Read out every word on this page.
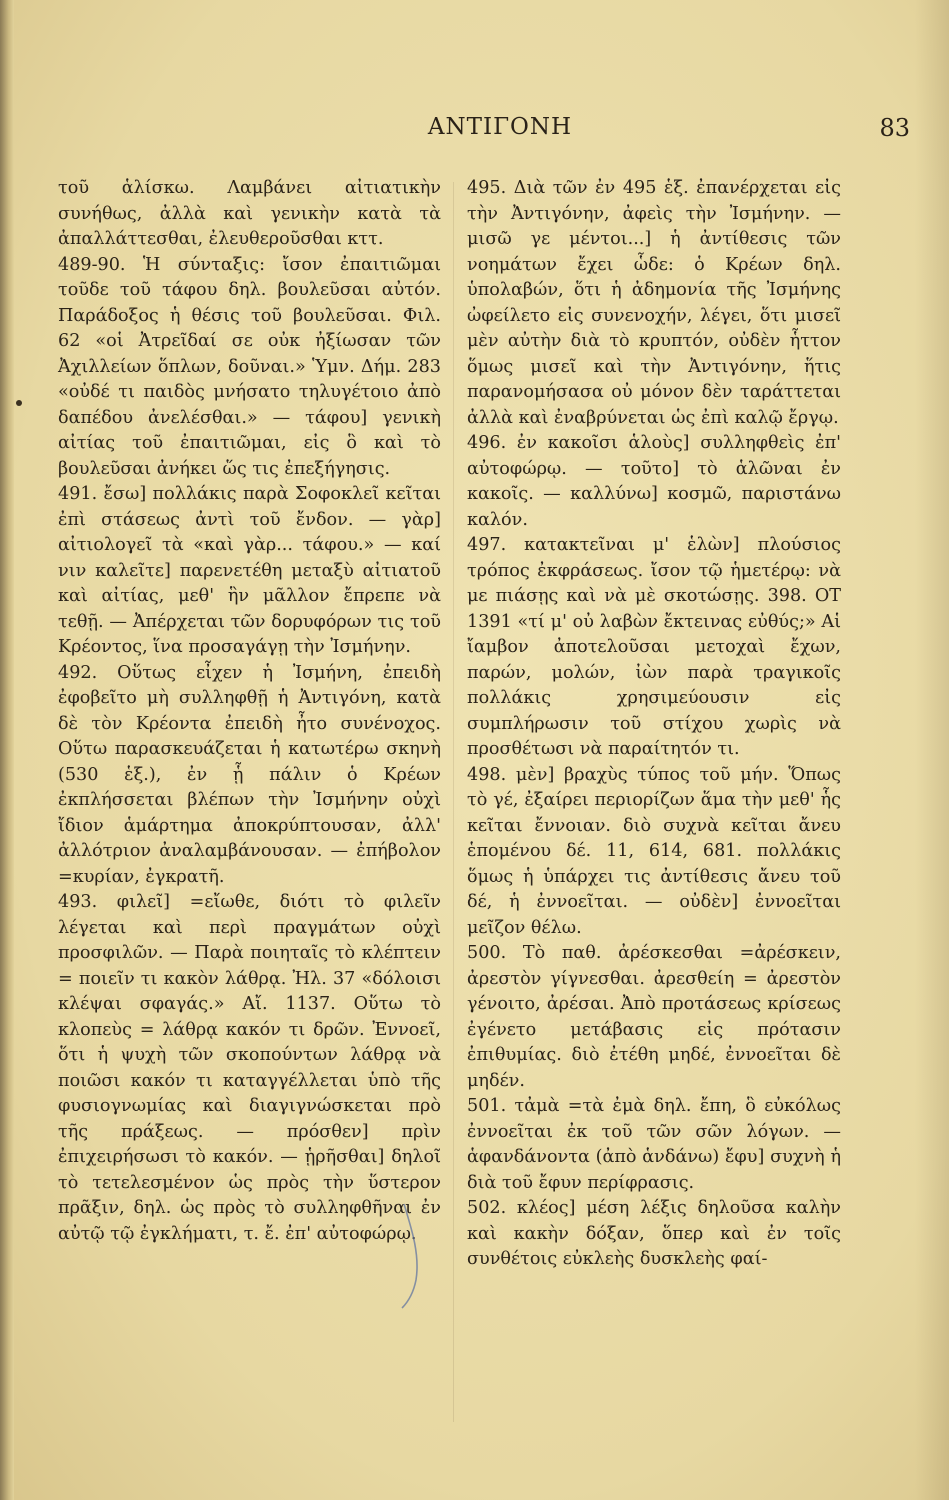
ΑΝΤΙΓΟΝΗ	83

τοῦ ἁλίσκω. Λαμβάνει αἰτιατικὴν συνήθως, ἀλλὰ καὶ γενικὴν κατὰ τὰ ἀπαλλάττεσθαι, ἐλευθεροῦσθαι κττ.

489-90. Ἡ σύνταξις: ἴσον ἐπαιτιῶμαι τοῦδε τοῦ τάφου δηλ. βουλεῦσαι αὐτόν. Παράδοξος ἡ θέσις τοῦ βουλεῦσαι. Φιλ. 62 «οἱ Ἀτρεῖδαί σε οὐκ ἠξίωσαν τῶν Ἀχιλλείων ὅπλων, δοῦναι.» Ὑμν. Δήμ. 283 «οὐδέ τι παιδὸς μνήσατο τηλυγέτοιο ἀπὸ δαπέδου ἀνελέσθαι.» — τάφου] γενικὴ αἰτίας τοῦ ἐπαιτιῶμαι, εἰς ὃ καὶ τὸ βουλεῦσαι ἀνήκει ὥς τις ἐπεξήγησις.

491. ἔσω] πολλάκις παρὰ Σοφοκλεῖ κεῖται ἐπὶ στάσεως ἀντὶ τοῦ ἔνδον. — γὰρ] αἰτιολογεῖ τὰ «καὶ γὰρ... τάφου.» — καί νιν καλεῖτε] παρενετέθη μεταξὺ αἰτιατοῦ καὶ αἰτίας, μεθ' ἣν μᾶλλον ἔπρεπε νὰ τεθῇ. — Ἀπέρχεται τῶν δορυφόρων τις τοῦ Κρέοντος, ἵνα προσαγάγῃ τὴν Ἰσμήνην.

492. Οὕτως εἶχεν ἡ Ἰσμήνη, ἐπειδὴ ἐφοβεῖτο μὴ συλληφθῇ ἡ Ἀντιγόνη, κατὰ δὲ τὸν Κρέοντα ἐπειδὴ ἦτο συνένοχος. Οὕτω παρασκευάζεται ἡ κατωτέρω σκηνὴ (530 ἑξ.), ἐν ᾗ πάλιν ὁ Κρέων ἐκπλήσσεται βλέπων τὴν Ἰσμήνην οὐχὶ ἴδιον ἁμάρτημα ἀποκρύπτουσαν, ἀλλ' ἀλλότριον ἀναλαμβάνουσαν. — ἐπήβολον =κυρίαν, ἐγκρατῆ.

493. φιλεῖ] =εἴωθε, διότι τὸ φιλεῖν λέγεται καὶ περὶ πραγμάτων οὐχὶ προσφιλῶν. — Παρὰ ποιηταῖς τὸ κλέπτειν = ποιεῖν τι κακὸν λάθρᾳ. Ἠλ. 37 «δόλοισι κλέψαι σφαγάς.» Αἴ. 1137. Οὕτω τὸ κλοπεὺς = λάθρᾳ κακόν τι δρῶν. Ἐννοεῖ, ὅτι ἡ ψυχὴ τῶν σκοπούντων λάθρᾳ νὰ ποιῶσι κακόν τι καταγγέλλεται ὑπὸ τῆς φυσιογνωμίας καὶ διαγιγνώσκεται πρὸ τῆς πράξεως. — πρόσθεν] πρὶν ἐπιχειρήσωσι τὸ κακόν. — ᾑρῆσθαι] δηλοῖ τὸ τετελεσμένον ὡς πρὸς τὴν ὕστερον πρᾶξιν, δηλ. ὡς πρὸς τὸ συλληφθῆναι ἐν αὐτῷ τῷ ἐγκλήματι, τ. ἔ. ἐπ' αὐτοφώρῳ.

495. Διὰ τῶν ἐν 495 ἑξ. ἐπανέρχεται εἰς τὴν Ἀντιγόνην, ἀφεὶς τὴν Ἰσμήνην. — μισῶ γε μέντοι...] ἡ ἀντίθεσις τῶν νοημάτων ἔχει ὧδε: ὁ Κρέων δηλ. ὑπολαβών, ὅτι ἡ ἀδημονία τῆς Ἰσμήνης ὠφείλετο εἰς συνενοχήν, λέγει, ὅτι μισεῖ μὲν αὐτὴν διὰ τὸ κρυπτόν, οὐδὲν ἧττον ὅμως μισεῖ καὶ τὴν Ἀντιγόνην, ἥτις παρανομήσασα οὐ μόνον δὲν ταράττεται ἀλλὰ καὶ ἐναβρύνεται ὡς ἐπὶ καλῷ ἔργῳ.

496. ἐν κακοῖσι ἁλοὺς] συλληφθεὶς ἐπ' αὐτοφώρῳ. — τοῦτο] τὸ ἁλῶναι ἐν κακοῖς. — καλλύνω] κοσμῶ, παριστάνω καλόν.

497. κατακτεῖναι μ' ἑλὼν] πλούσιος τρόπος ἐκφράσεως. ἴσον τῷ ἡμετέρῳ: νὰ με πιάσῃς καὶ νὰ μὲ σκοτώσῃς. 398. ΟΤ 1391 «τί μ' οὐ λαβὼν ἔκτεινας εὐθύς;» Αἱ ἴαμβον ἀποτελοῦσαι μετοχαὶ ἔχων, παρών, μολών, ἰὼν παρὰ τραγικοῖς πολλάκις χρησιμεύουσιν εἰς συμπλήρωσιν τοῦ στίχου χωρὶς νὰ προσθέτωσι νὰ παραίτητόν τι.

498. μὲν] βραχὺς τύπος τοῦ μήν. Ὅπως τὸ γέ, ἐξαίρει περιορίζων ἅμα τὴν μεθ' ἧς κεῖται ἔννοιαν. διὸ συχνὰ κεῖται ἄνευ ἑπομένου δέ. 11, 614, 681. πολλάκις ὅμως ἡ ὑπάρχει τις ἀντίθεσις ἄνευ τοῦ δέ, ἡ ἐννοεῖται. — οὐδὲν] ἐννοεῖται μεῖζον θέλω.

500. Τὸ παθ. ἀρέσκεσθαι =ἀρέσκειν, ἀρεστὸν γίγνεσθαι. ἀρεσθείη = ἀρεστὸν γένοιτο, ἀρέσαι. Ἀπὸ προτάσεως κρίσεως ἐγένετο μετάβασις εἰς πρότασιν ἐπιθυμίας. διὸ ἐτέθη μηδέ, ἐννοεῖται δὲ μηδέν.

501. τἀμὰ =τὰ ἐμὰ δηλ. ἔπη, ὃ εὐκόλως ἐννοεῖται ἐκ τοῦ τῶν σῶν λόγων. — ἁφανδάνοντα (ἀπὸ ἁνδάνω) ἔφυ] συχνὴ ἡ διὰ τοῦ ἔφυν περίφρασις.

502. κλέος] μέση λέξις δηλοῦσα καλὴν καὶ κακὴν δόξαν, ὅπερ καὶ ἐν τοῖς συνθέτοις εὐκλεὴς δυσκλεὴς φαί-
